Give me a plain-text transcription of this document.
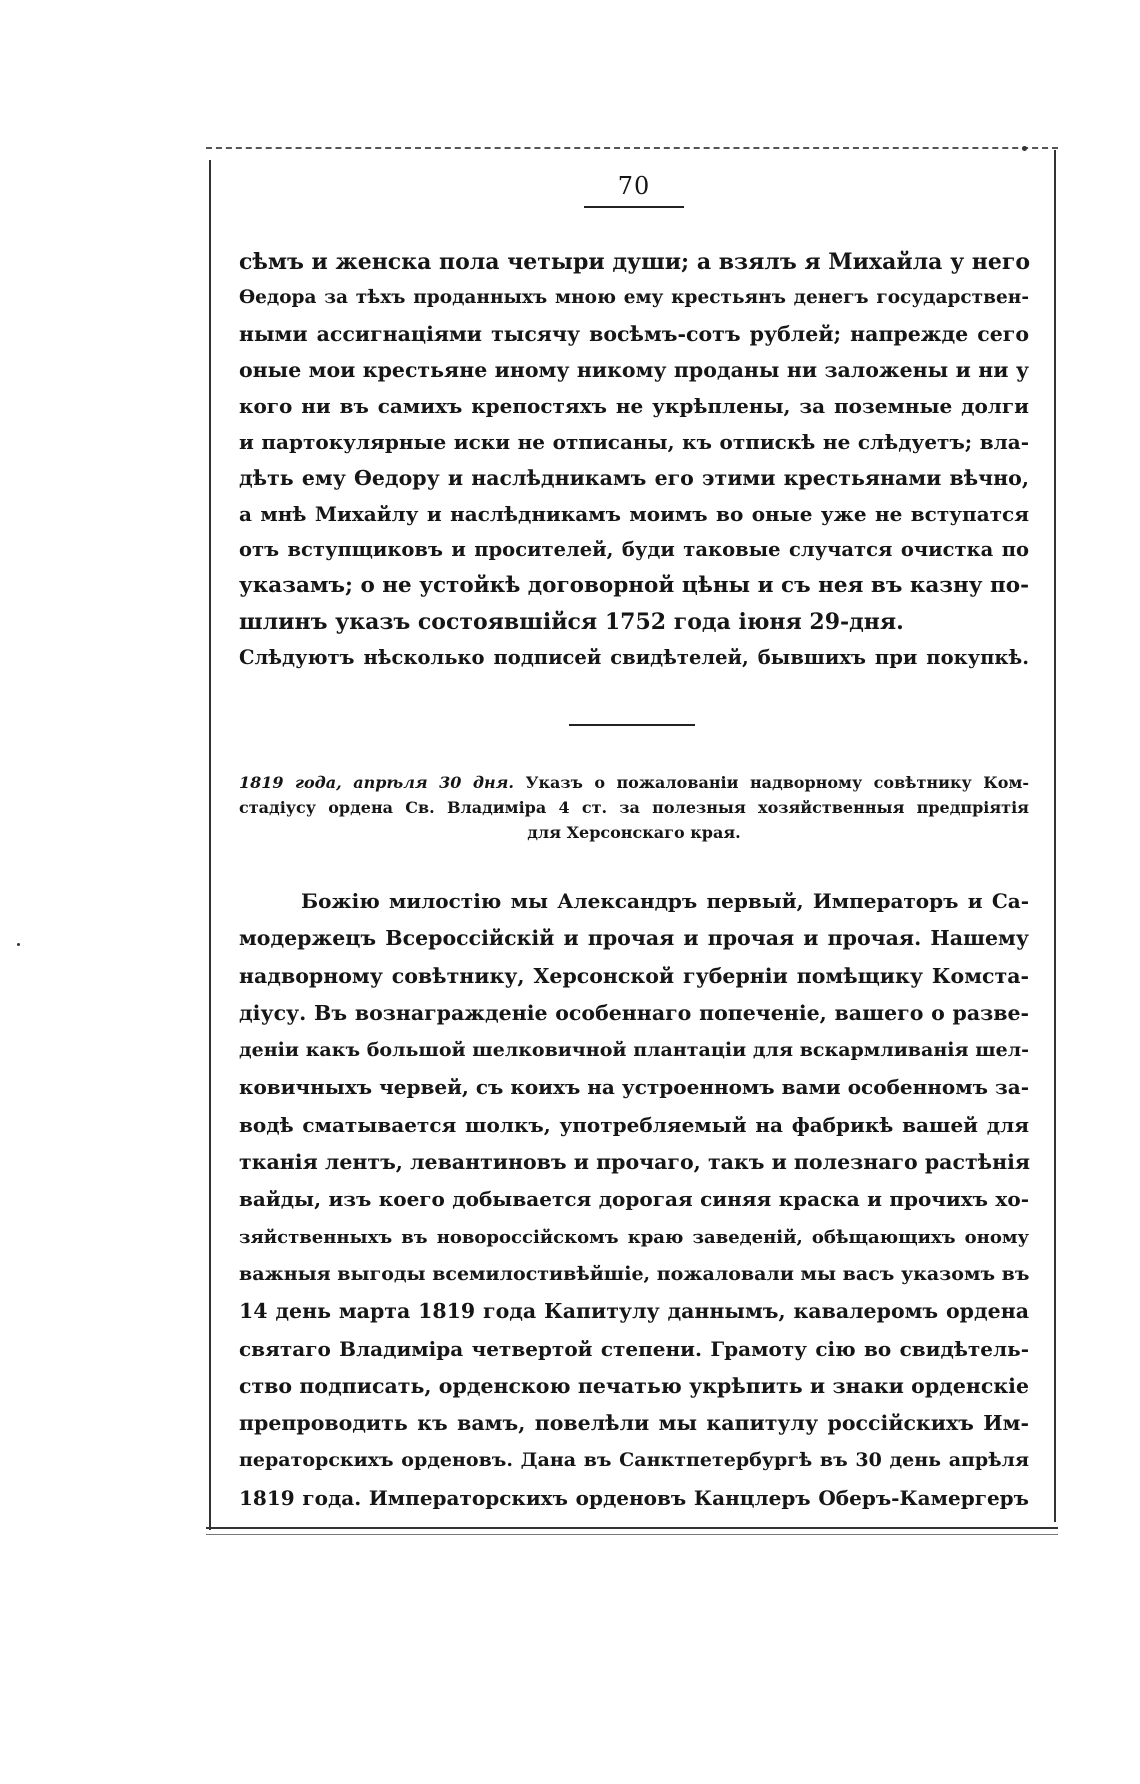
70
сѣмъ и женска пола четыри души; а взялъ я Михайла у него
Ѳедора за тѣхъ проданныхъ мною ему крестьянъ денегъ государствен-
ными ассигнаціями тысячу восѣмъ-сотъ рублей; напрежде сего
оные мои крестьяне иному никому проданы ни заложены и ни у
кого ни въ самихъ крепостяхъ не укрѣплены, за поземные долги
и партокулярные иски не отписаны, къ отпискѣ не слѣдуетъ; вла-
дѣть ему Ѳедору и наслѣдникамъ его этими крестьянами вѣчно,
а мнѣ Михайлу и наслѣдникамъ моимъ во оные уже не вступатся
отъ вступщиковъ и просителей, буди таковые случатся очистка по
указамъ; о не устойкѣ договорной цѣны и съ нея въ казну по-
шлинъ указъ состоявшійся 1752 года іюня 29-дня.
Слѣдуютъ нѣсколько подписей свидѣтелей, бывшихъ при покупкѣ.
1819 года, апрѣля 30 дня. Указъ о пожалованіи надворному совѣтнику Ком-
стадіусу ордена Св. Владиміра 4 ст. за полезныя хозяйственныя предпріятія
для Херсонскаго края.
Божію милостію мы Александръ первый, Императоръ и Са-
модержецъ Всероссійскій и прочая и прочая и прочая. Нашему
надворному совѣтнику, Херсонской губерніи помѣщику Комста-
діусу. Въ вознагражденіе особеннаго попеченіе, вашего о разве-
деніи какъ большой шелковичной плантаціи для вскармливанія шел-
ковичныхъ червей, съ коихъ на устроенномъ вами особенномъ за-
водѣ сматывается шолкъ, употребляемый на фабрикѣ вашей для
тканія лентъ, левантиновъ и прочаго, такъ и полезнаго растѣнія
вайды, изъ коего добывается дорогая синяя краска и прочихъ хо-
зяйственныхъ въ новороссійскомъ краю заведеній, обѣщающихъ оному
важныя выгоды всемилостивѣйшіе, пожаловали мы васъ указомъ въ
14 день марта 1819 года Капитулу даннымъ, кавалеромъ ордена
святаго Владиміра четвертой степени. Грамоту сію во свидѣтель-
ство подписать, орденскою печатью укрѣпить и знаки орденскіе
препроводить къ вамъ, повелѣли мы капитулу россійскихъ Им-
ператорскихъ орденовъ. Дана въ Санктпетербургѣ въ 30 день апрѣля
1819 года. Императорскихъ орденовъ Канцлеръ Оберъ-Камергеръ
